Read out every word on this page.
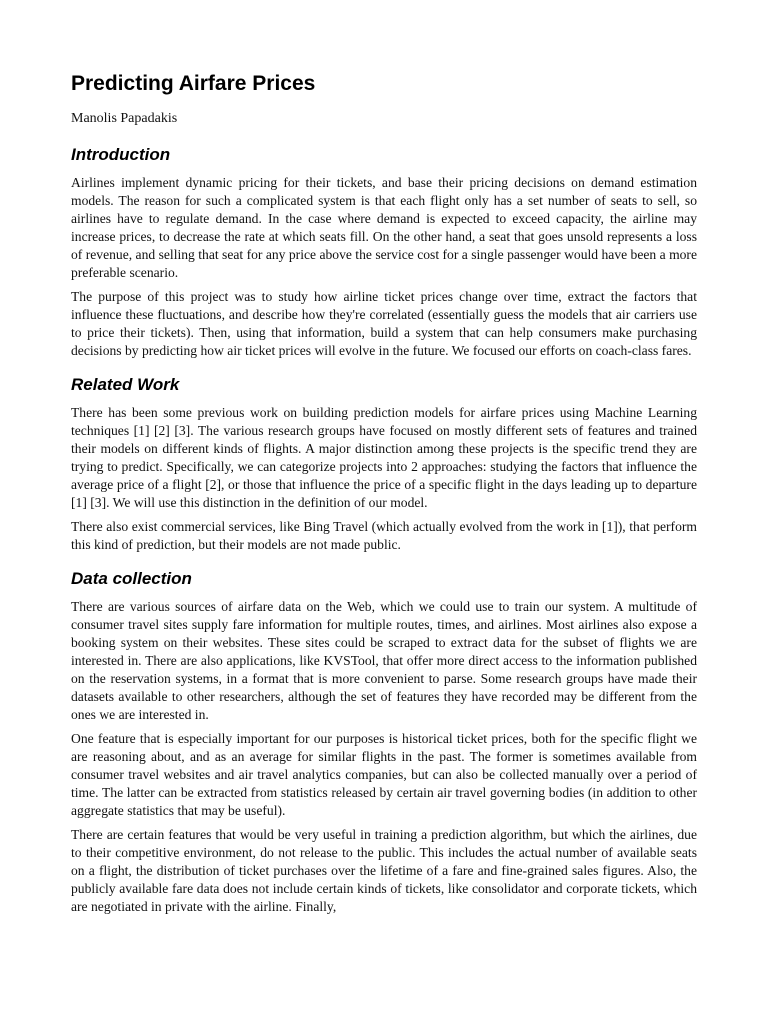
Predicting Airfare Prices
Manolis Papadakis
Introduction

Airlines implement dynamic pricing for their tickets, and base their pricing decisions on demand estimation models. The reason for such a complicated system is that each flight only has a set number of seats to sell, so airlines have to regulate demand. In the case where demand is expected to exceed capacity, the airline may increase prices, to decrease the rate at which seats fill. On the other hand, a seat that goes unsold represents a loss of revenue, and selling that seat for any price above the service cost for a single passenger would have been a more preferable scenario.

The purpose of this project was to study how airline ticket prices change over time, extract the factors that influence these fluctuations, and describe how they're correlated (essentially guess the models that air carriers use to price their tickets). Then, using that information, build a system that can help consumers make purchasing decisions by predicting how air ticket prices will evolve in the future. We focused our efforts on coach-class fares.

Related Work

There has been some previous work on building prediction models for airfare prices using Machine Learning techniques [1] [2] [3]. The various research groups have focused on mostly different sets of features and trained their models on different kinds of flights. A major distinction among these projects is the specific trend they are trying to predict. Specifically, we can categorize projects into 2 approaches: studying the factors that influence the average price of a flight [2], or those that influence the price of a specific flight in the days leading up to departure [1] [3]. We will use this distinction in the definition of our model.

There also exist commercial services, like Bing Travel (which actually evolved from the work in [1]), that perform this kind of prediction, but their models are not made public.

Data collection

There are various sources of airfare data on the Web, which we could use to train our system. A multitude of consumer travel sites supply fare information for multiple routes, times, and airlines. Most airlines also expose a booking system on their websites. These sites could be scraped to extract data for the subset of flights we are interested in. There are also applications, like KVSTool, that offer more direct access to the information published on the reservation systems, in a format that is more convenient to parse. Some research groups have made their datasets available to other researchers, although the set of features they have recorded may be different from the ones we are interested in.

One feature that is especially important for our purposes is historical ticket prices, both for the specific flight we are reasoning about, and as an average for similar flights in the past. The former is sometimes available from consumer travel websites and air travel analytics companies, but can also be collected manually over a period of time. The latter can be extracted from statistics released by certain air travel governing bodies (in addition to other aggregate statistics that may be useful).

There are certain features that would be very useful in training a prediction algorithm, but which the airlines, due to their competitive environment, do not release to the public. This includes the actual number of available seats on a flight, the distribution of ticket purchases over the lifetime of a fare and fine-grained sales figures. Also, the publicly available fare data does not include certain kinds of tickets, like consolidator and corporate tickets, which are negotiated in private with the airline. Finally,
